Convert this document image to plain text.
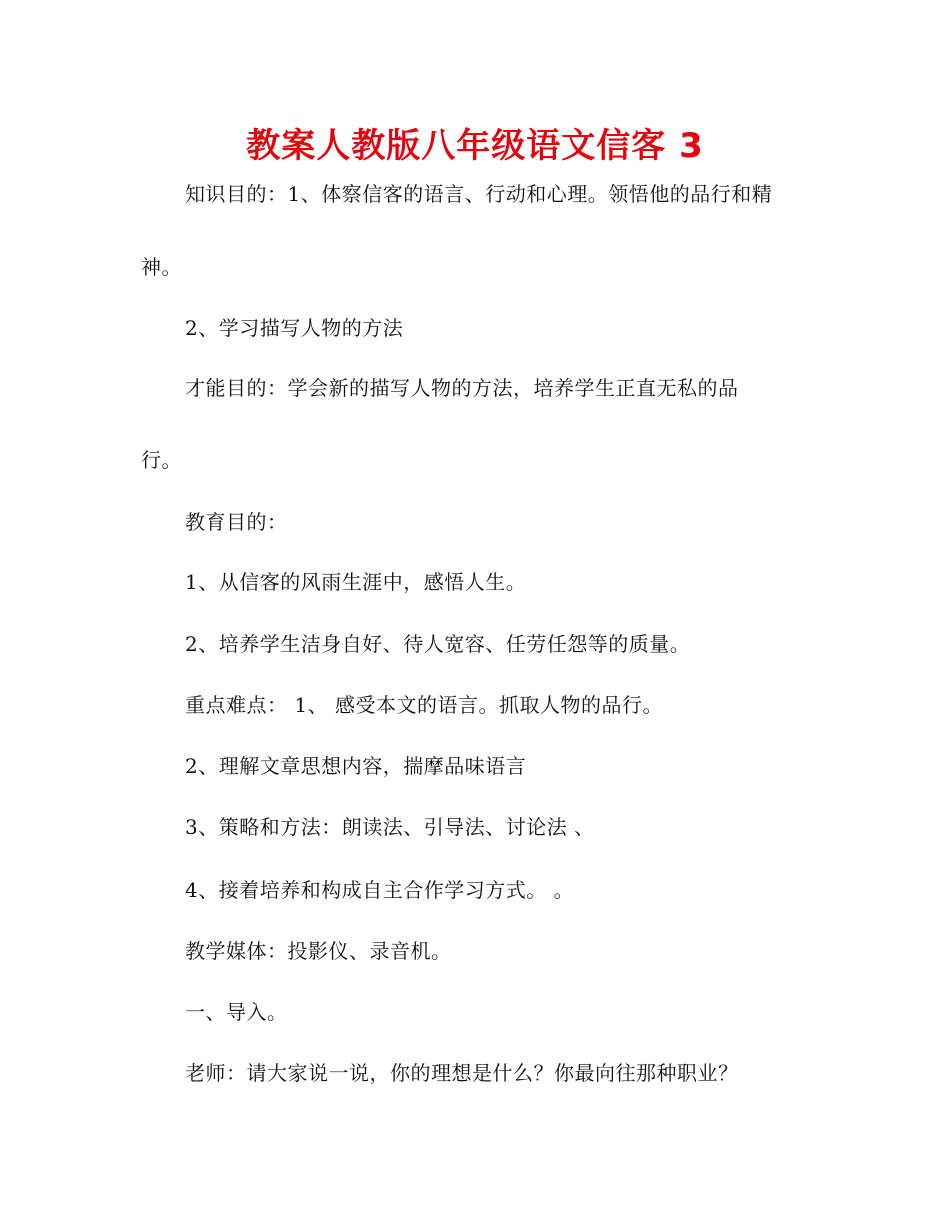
教案人教版八年级语文信客 3
知识目的：1、体察信客的语言、行动和心理。领悟他的品行和精
神。
2、学习描写人物的方法
才能目的：学会新的描写人物的方法，培养学生正直无私的品
行。
教育目的：
1、从信客的风雨生涯中，感悟人生。
2、培养学生洁身自好、待人宽容、任劳任怨等的质量。
重点难点： 1、 感受本文的语言。抓取人物的品行。
2、理解文章思想内容，揣摩品味语言
3、策略和方法：朗读法、引导法、讨论法 、
4、接着培养和构成自主合作学习方式。 。
教学媒体：投影仪、录音机。
一、导入。
老师：请大家说一说，你的理想是什么？你最向往那种职业？
